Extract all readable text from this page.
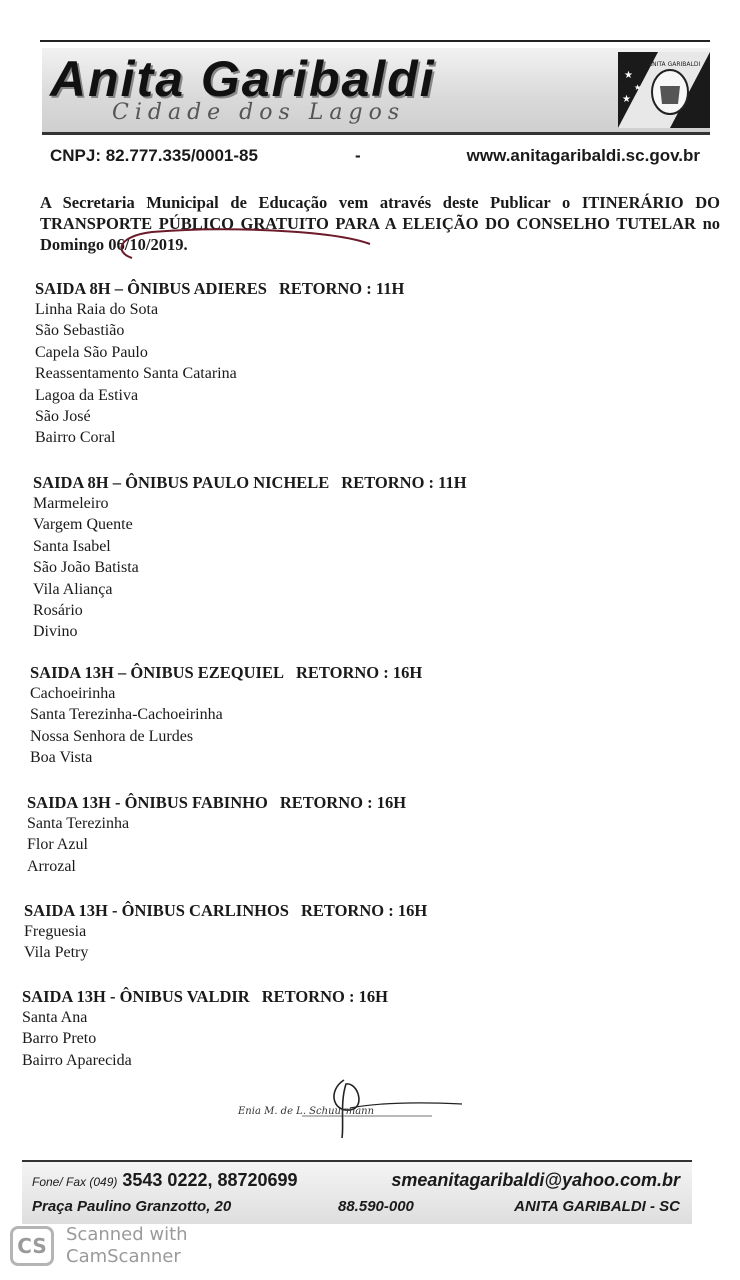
Anita Garibaldi
Cidade dos Lagos
★
★
★
ANITA GARIBALDI
CNPJ: 82.777.335/0001-85	-	www.anitagaribaldi.sc.gov.br
A Secretaria Municipal de Educação vem através deste Publicar o ITINERÁRIO DO TRANSPORTE PÚBLICO GRATUITO PARA A ELEIÇÃO DO CONSELHO TUTELAR no Domingo 06/10/2019.
SAIDA 8H – ÔNIBUS ADIERES RETORNO : 11H
Linha Raia do Sota
São Sebastião
Capela São Paulo
Reassentamento Santa Catarina
Lagoa da Estiva
São José
Bairro Coral
SAIDA 8H – ÔNIBUS PAULO NICHELE RETORNO : 11H
Marmeleiro
Vargem Quente
Santa Isabel
São João Batista
Vila Aliança
Rosário
Divino
SAIDA 13H – ÔNIBUS EZEQUIEL RETORNO : 16H
Cachoeirinha
Santa Terezinha-Cachoeirinha
Nossa Senhora de Lurdes
Boa Vista
SAIDA 13H - ÔNIBUS FABINHO RETORNO : 16H
Santa Terezinha
Flor Azul
Arrozal
SAIDA 13H - ÔNIBUS CARLINHOS RETORNO : 16H
Freguesia
Vila Petry
SAIDA 13H - ÔNIBUS VALDIR RETORNO : 16H
Santa Ana
Barro Preto
Bairro Aparecida
Enia M. de L. Schuurmann
Fone/ Fax (049) 3543 0222, 88720699	smeanitagaribaldi@yahoo.com.br
Praça Paulino Granzotto, 20	88.590-000	ANITA GARIBALDI - SC
CS	Scanned with
CamScanner
